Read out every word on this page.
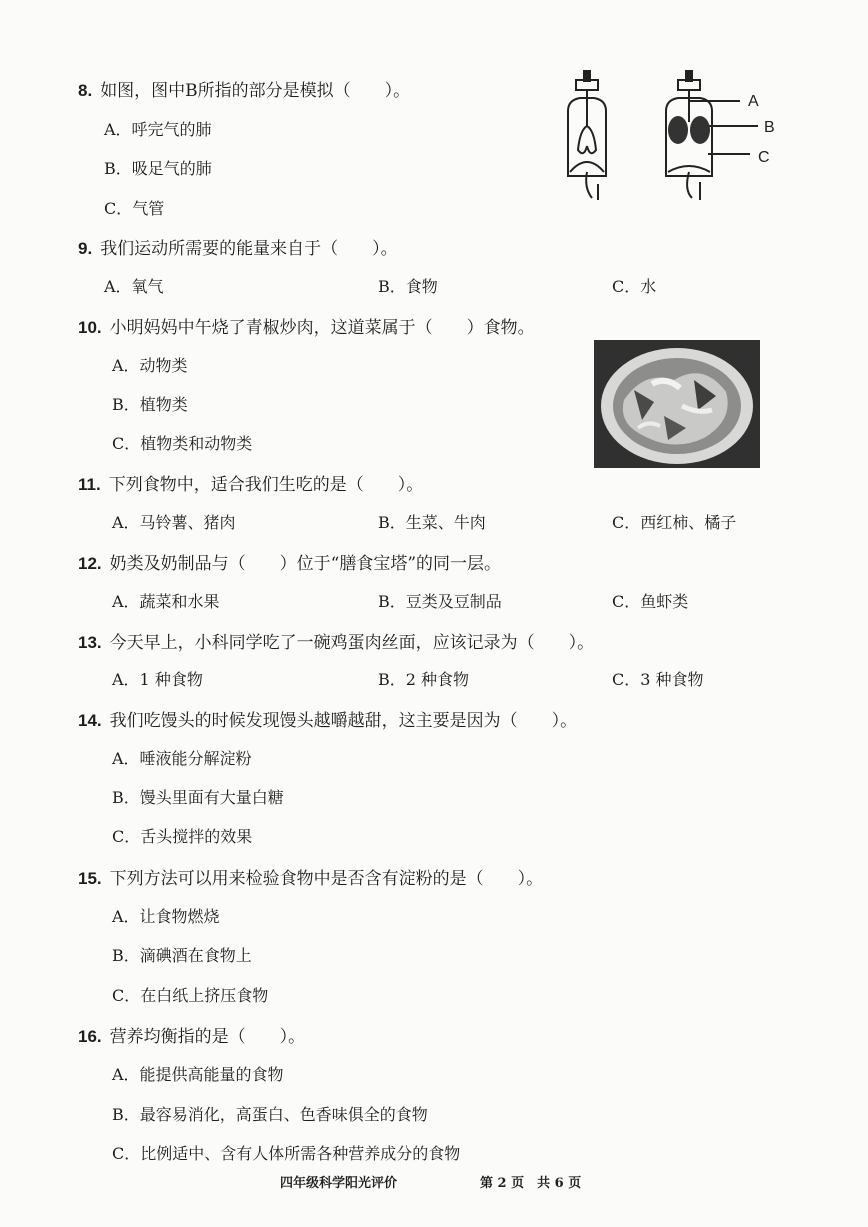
8. 如图，图中B所指的部分是模拟（　　）。
A．呼完气的肺
B．吸足气的肺
C．气管
A
B
C
9. 我们运动所需要的能量来自于（　　）。
A．氧气	B．食物	C．水
10. 小明妈妈中午烧了青椒炒肉，这道菜属于（　　）食物。
A．动物类
B．植物类
C．植物类和动物类
11. 下列食物中，适合我们生吃的是（　　）。
A．马铃薯、猪肉	B．生菜、牛肉	C．西红柿、橘子
12. 奶类及奶制品与（　　）位于“膳食宝塔”的同一层。
A．蔬菜和水果	B．豆类及豆制品	C．鱼虾类
13. 今天早上，小科同学吃了一碗鸡蛋肉丝面，应该记录为（　　）。
A．1 种食物	B．2 种食物	C．3 种食物
14. 我们吃馒头的时候发现馒头越嚼越甜，这主要是因为（　　）。
A．唾液能分解淀粉
B．馒头里面有大量白糖
C．舌头搅拌的效果
15. 下列方法可以用来检验食物中是否含有淀粉的是（　　）。
A．让食物燃烧
B．滴碘酒在食物上
C．在白纸上挤压食物
16. 营养均衡指的是（　　）。
A．能提供高能量的食物
B．最容易消化，高蛋白、色香味俱全的食物
C．比例适中、含有人体所需各种营养成分的食物
四年级科学阳光评价	第 2 页　共 6 页
